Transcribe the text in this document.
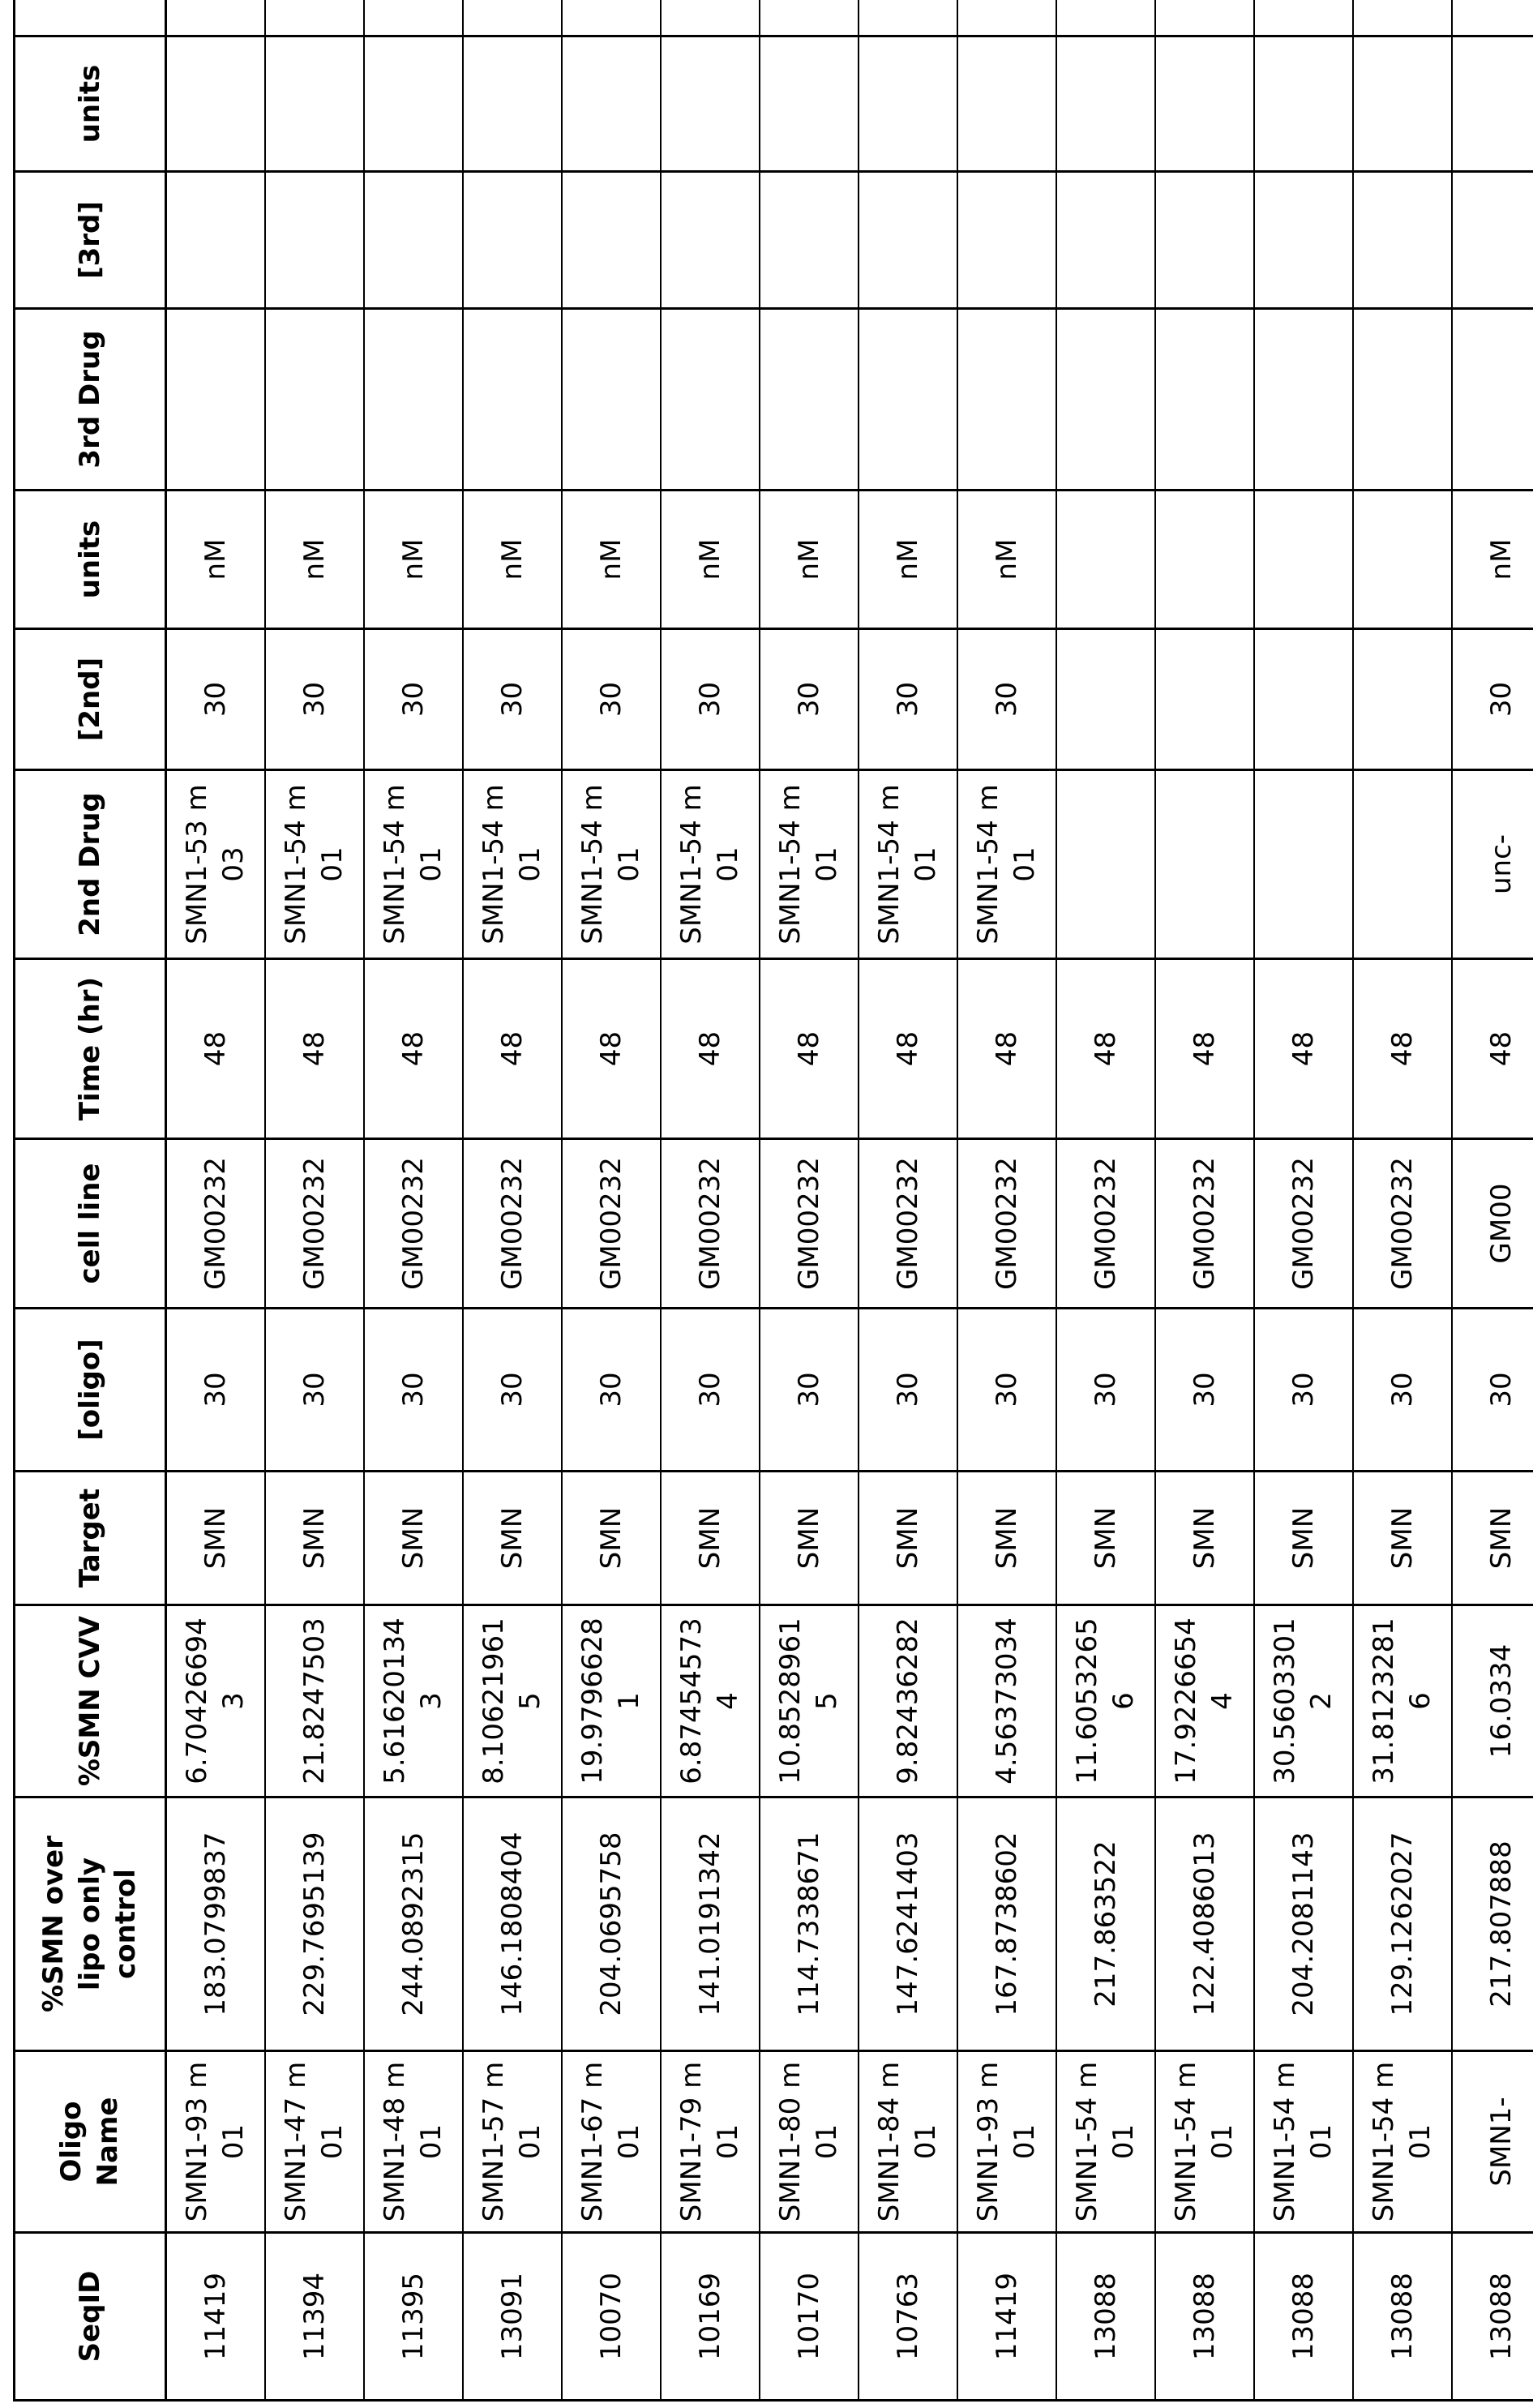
SeqID	Oligo Name	%SMN over lipo only control	%SMN CVV	Target	[oligo]	cell line	Time (hr)	2nd Drug	[2nd]	units	3rd Drug	[3rd]	units	
11419	SMN1-93 m01	183.0799837	6.704266943	SMN	30	GM00232	48	SMN1-53 m03	30	nM				
11394	SMN1-47 m01	229.7695139	21.8247503	SMN	30	GM00232	48	SMN1-54 m01	30	nM				
11395	SMN1-48 m01	244.0892315	5.616201343	SMN	30	GM00232	48	SMN1-54 m01	30	nM				
13091	SMN1-57 m01	146.1808404	8.106219615	SMN	30	GM00232	48	SMN1-54 m01	30	nM				
10070	SMN1-67 m01	204.0695758	19.97966281	SMN	30	GM00232	48	SMN1-54 m01	30	nM				
10169	SMN1-79 m01	141.0191342	6.874545734	SMN	30	GM00232	48	SMN1-54 m01	30	nM				
10170	SMN1-80 m01	114.7338671	10.85289615	SMN	30	GM00232	48	SMN1-54 m01	30	nM				
10763	SMN1-84 m01	147.6241403	9.82436282	SMN	30	GM00232	48	SMN1-54 m01	30	nM				
11419	SMN1-93 m01	167.8738602	4.56373034	SMN	30	GM00232	48	SMN1-54 m01	30	nM				
13088	SMN1-54 m01	217.863522	11.60532656	SMN	30	GM00232	48							
13088	SMN1-54 m01	122.4086013	17.92266544	SMN	30	GM00232	48							
13088	SMN1-54 m01	204.2081143	30.56033012	SMN	30	GM00232	48							
13088	SMN1-54 m01	129.1262027	31.81232816	SMN	30	GM00232	48							
13088	SMN1-	217.807888	16.0334	SMN	30	GM00	48	unc-	30	nM				
